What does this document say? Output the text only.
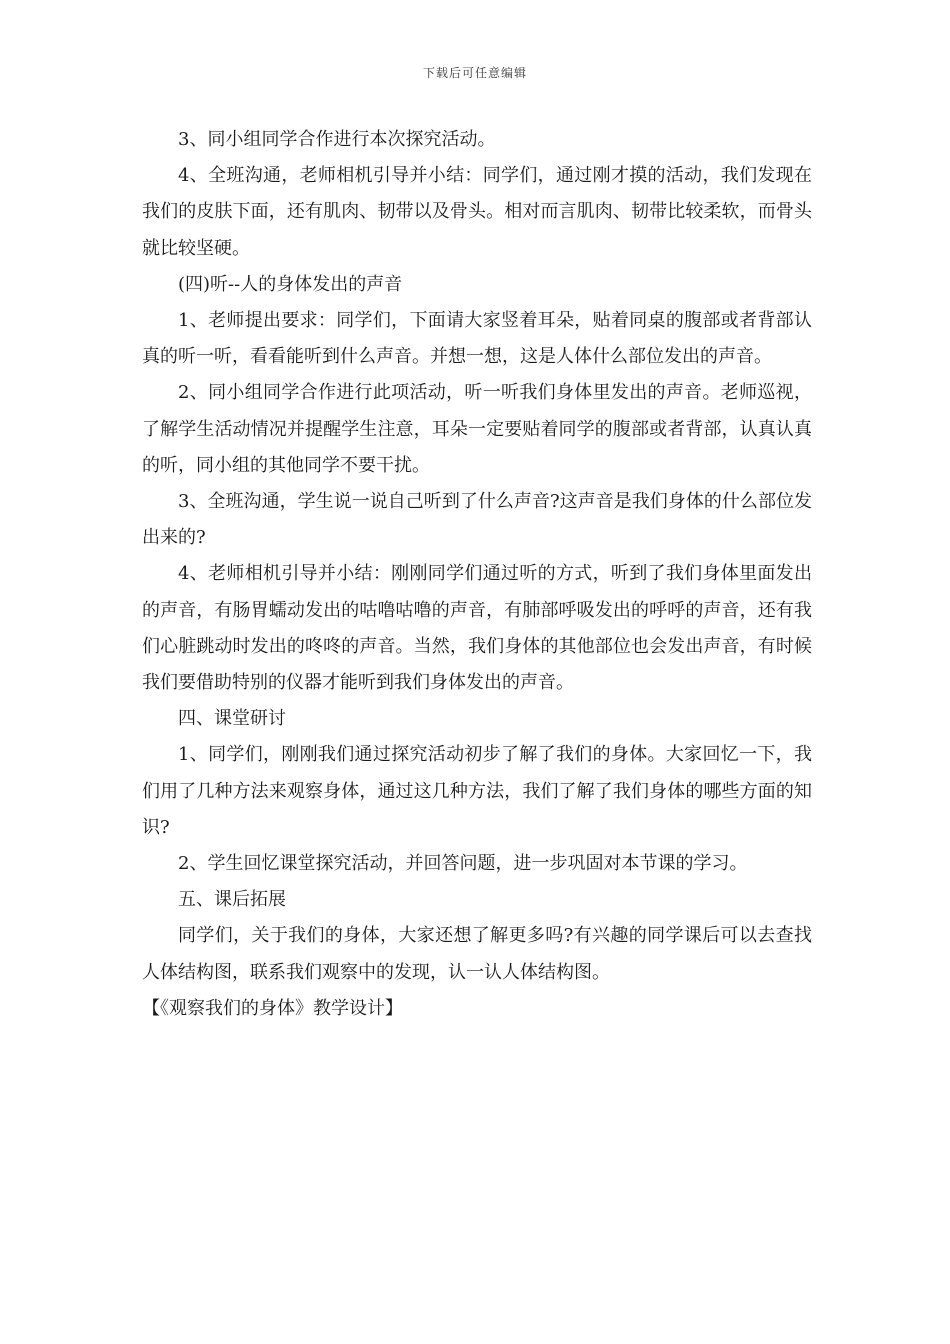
下载后可任意编辑

3、同小组同学合作进行本次探究活动。

4、全班沟通，老师相机引导并小结：同学们，通过刚才摸的活动，我们发现在我们的皮肤下面，还有肌肉、韧带以及骨头。相对而言肌肉、韧带比较柔软，而骨头就比较坚硬。

(四)听--人的身体发出的声音

1、老师提出要求：同学们，下面请大家竖着耳朵，贴着同桌的腹部或者背部认真的听一听，看看能听到什么声音。并想一想，这是人体什么部位发出的声音。

2、同小组同学合作进行此项活动，听一听我们身体里发出的声音。老师巡视，了解学生活动情况并提醒学生注意，耳朵一定要贴着同学的腹部或者背部，认真认真的听，同小组的其他同学不要干扰。

3、全班沟通，学生说一说自己听到了什么声音?这声音是我们身体的什么部位发出来的?

4、老师相机引导并小结：刚刚同学们通过听的方式，听到了我们身体里面发出的声音，有肠胃蠕动发出的咕噜咕噜的声音，有肺部呼吸发出的呼呼的声音，还有我们心脏跳动时发出的咚咚的声音。当然，我们身体的其他部位也会发出声音，有时候我们要借助特别的仪器才能听到我们身体发出的声音。

四、课堂研讨

1、同学们，刚刚我们通过探究活动初步了解了我们的身体。大家回忆一下，我们用了几种方法来观察身体，通过这几种方法，我们了解了我们身体的哪些方面的知识?

2、学生回忆课堂探究活动，并回答问题，进一步巩固对本节课的学习。

五、课后拓展

同学们，关于我们的身体，大家还想了解更多吗?有兴趣的同学课后可以去查找人体结构图，联系我们观察中的发现，认一认人体结构图。

【《观察我们的身体》教学设计】
